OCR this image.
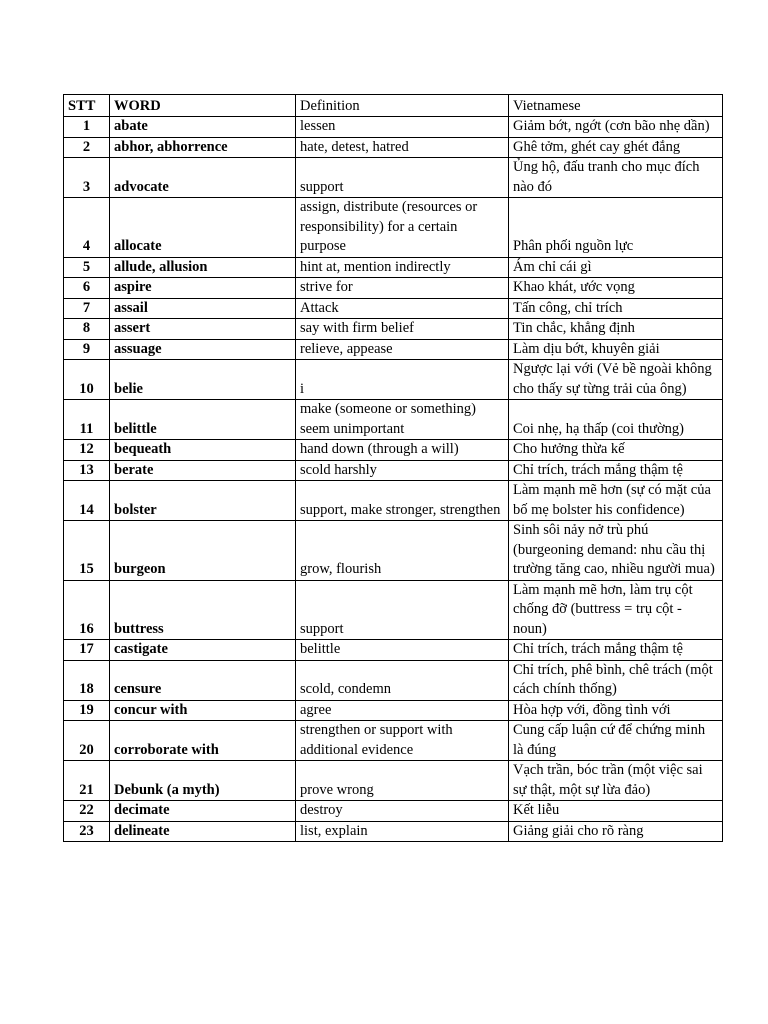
STT	WORD	Definition	Vietnamese
1	abate	lessen	Giảm bớt, ngớt (cơn bão nhẹ dần)
2	abhor, abhorrence	hate, detest, hatred	Ghê tởm, ghét cay ghét đắng
3	advocate	support	Ủng hộ, đấu tranh cho mục đích nào đó
4	allocate	assign, distribute (resources or responsibility) for a certain purpose	Phân phối nguồn lực
5	allude, allusion	hint at, mention indirectly	Ám chỉ cái gì
6	aspire	strive for	Khao khát, ước vọng
7	assail	Attack	Tấn công, chỉ trích
8	assert	say with firm belief	Tin chắc, khẳng định
9	assuage	relieve, appease	Làm dịu bớt, khuyên giải
10	belie	i	Ngược lại với (Vẻ bề ngoài không cho thấy sự từng trải của ông)
11	belittle	make (someone or something) seem unimportant	Coi nhẹ, hạ thấp (coi thường)
12	bequeath	hand down (through a will)	Cho hưởng thừa kế
13	berate	scold harshly	Chỉ trích, trách mắng thậm tệ
14	bolster	support, make stronger, strengthen	Làm mạnh mẽ hơn (sự có mặt của bố mẹ bolster his confidence)
15	burgeon	grow, flourish	Sinh sôi nảy nở trù phú (burgeoning demand: nhu cầu thị trường tăng cao, nhiều người mua)
16	buttress	support	Làm mạnh mẽ hơn, làm trụ cột chống đỡ (buttress = trụ cột - noun)
17	castigate	belittle	Chỉ trích, trách mắng thậm tệ
18	censure	scold, condemn	Chỉ trích, phê bình, chê trách (một cách chính thống)
19	concur with	agree	Hòa hợp với, đồng tình với
20	corroborate with	strengthen or support with additional evidence	Cung cấp luận cứ để chứng minh là đúng
21	Debunk (a myth)	prove wrong	Vạch trần, bóc trần (một việc sai sự thật, một sự lừa đảo)
22	decimate	destroy	Kết liễu
23	delineate	list, explain	Giảng giải cho rõ ràng
